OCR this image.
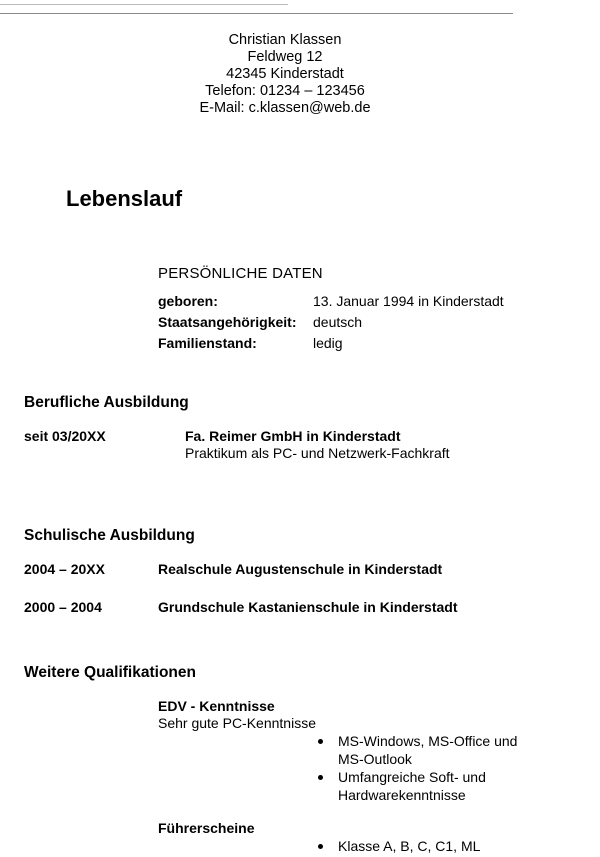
Christian Klassen
Feldweg 12
42345 Kinderstadt
Telefon: 01234 – 123456
E-Mail: c.klassen@web.de
Lebenslauf
PERSÖNLICHE DATEN
geboren:	13. Januar 1994 in Kinderstadt
Staatsangehörigkeit: deutsch
Familienstand:	ledig
Berufliche Ausbildung
seit 03/20XX	Fa. Reimer GmbH in Kinderstadt
Praktikum als PC- und Netzwerk-Fachkraft
Schulische Ausbildung
2004 – 20XX	Realschule Augustenschule in Kinderstadt
2000 – 2004	Grundschule Kastanienschule in Kinderstadt
Weitere Qualifikationen
EDV - Kenntnisse
Sehr gute PC-Kenntnisse
MS-Windows, MS-Office und MS-Outlook
Umfangreiche Soft- und Hardwarekenntnisse
Führerscheine
Klasse A, B, C, C1, ML
